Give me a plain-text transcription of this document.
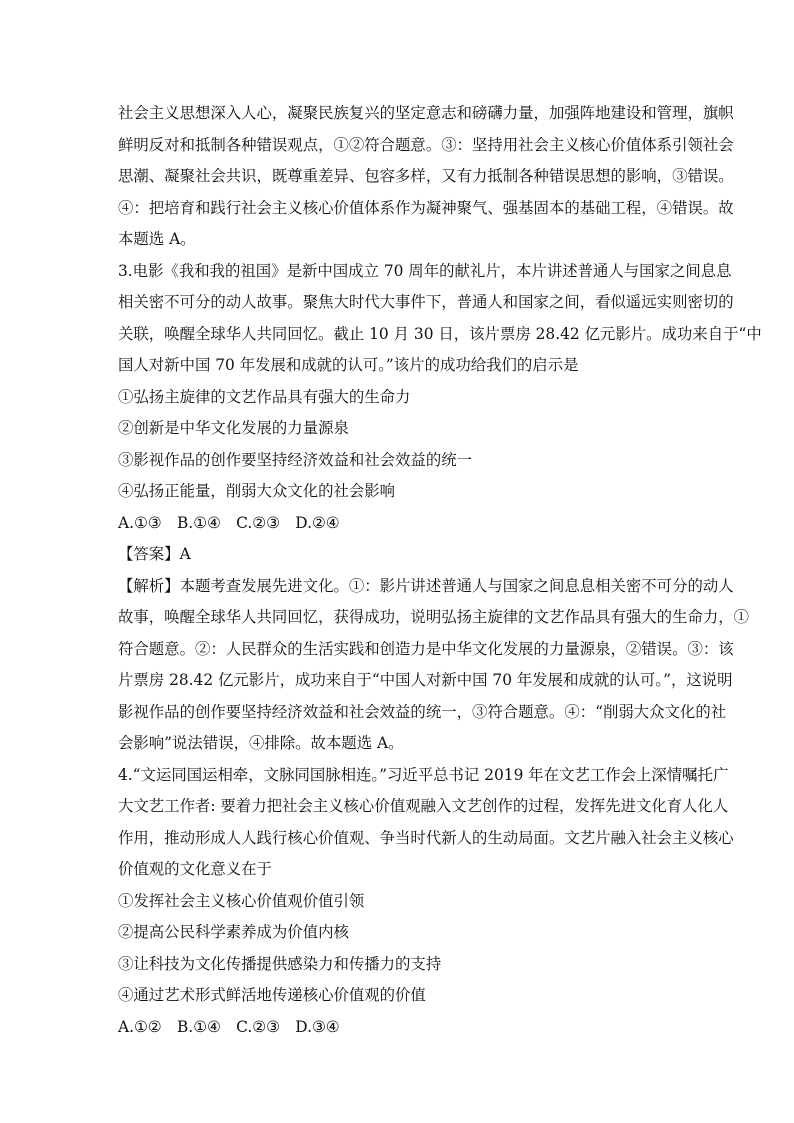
社会主义思想深入人心，凝聚民族复兴的坚定意志和磅礴力量，加强阵地建设和管理，旗帜
鲜明反对和抵制各种错误观点，①②符合题意。③：坚持用社会主义核心价值体系引领社会
思潮、凝聚社会共识，既尊重差异、包容多样，又有力抵制各种错误思想的影响，③错误。
④：把培育和践行社会主义核心价值体系作为凝神聚气、强基固本的基础工程，④错误。故
本题选 A。
3.电影《我和我的祖国》是新中国成立 70 周年的献礼片，本片讲述普通人与国家之间息息
相关密不可分的动人故事。聚焦大时代大事件下，普通人和国家之间，看似遥远实则密切的
关联，唤醒全球华人共同回忆。截止 10 月 30 日，该片票房 28.42 亿元影片。成功来自于“中
国人对新中国 70 年发展和成就的认可。”该片的成功给我们的启示是
①弘扬主旋律的文艺作品具有强大的生命力
②创新是中华文化发展的力量源泉
③影视作品的创作要坚持经济效益和社会效益的统一
④弘扬正能量，削弱大众文化的社会影响
A.①③　B.①④　C.②③　D.②④
【答案】A
【解析】本题考查发展先进文化。①：影片讲述普通人与国家之间息息相关密不可分的动人
故事，唤醒全球华人共同回忆，获得成功，说明弘扬主旋律的文艺作品具有强大的生命力，①
符合题意。②：人民群众的生活实践和创造力是中华文化发展的力量源泉，②错误。③：该
片票房 28.42 亿元影片，成功来自于“中国人对新中国 70 年发展和成就的认可。”，这说明
影视作品的创作要坚持经济效益和社会效益的统一，③符合题意。④：“削弱大众文化的社
会影响”说法错误，④排除。故本题选 A。
4.“文运同国运相牵，文脉同国脉相连。”习近平总书记 2019 年在文艺工作会上深情嘱托广
大文艺工作者: 要着力把社会主义核心价值观融入文艺创作的过程，发挥先进文化育人化人
作用，推动形成人人践行核心价值观、争当时代新人的生动局面。文艺片融入社会主义核心
价值观的文化意义在于
①发挥社会主义核心价值观价值引领
②提高公民科学素养成为价值内核
③让科技为文化传播提供感染力和传播力的支持
④通过艺术形式鲜活地传递核心价值观的价值
A.①②　B.①④　C.②③　D.③④
